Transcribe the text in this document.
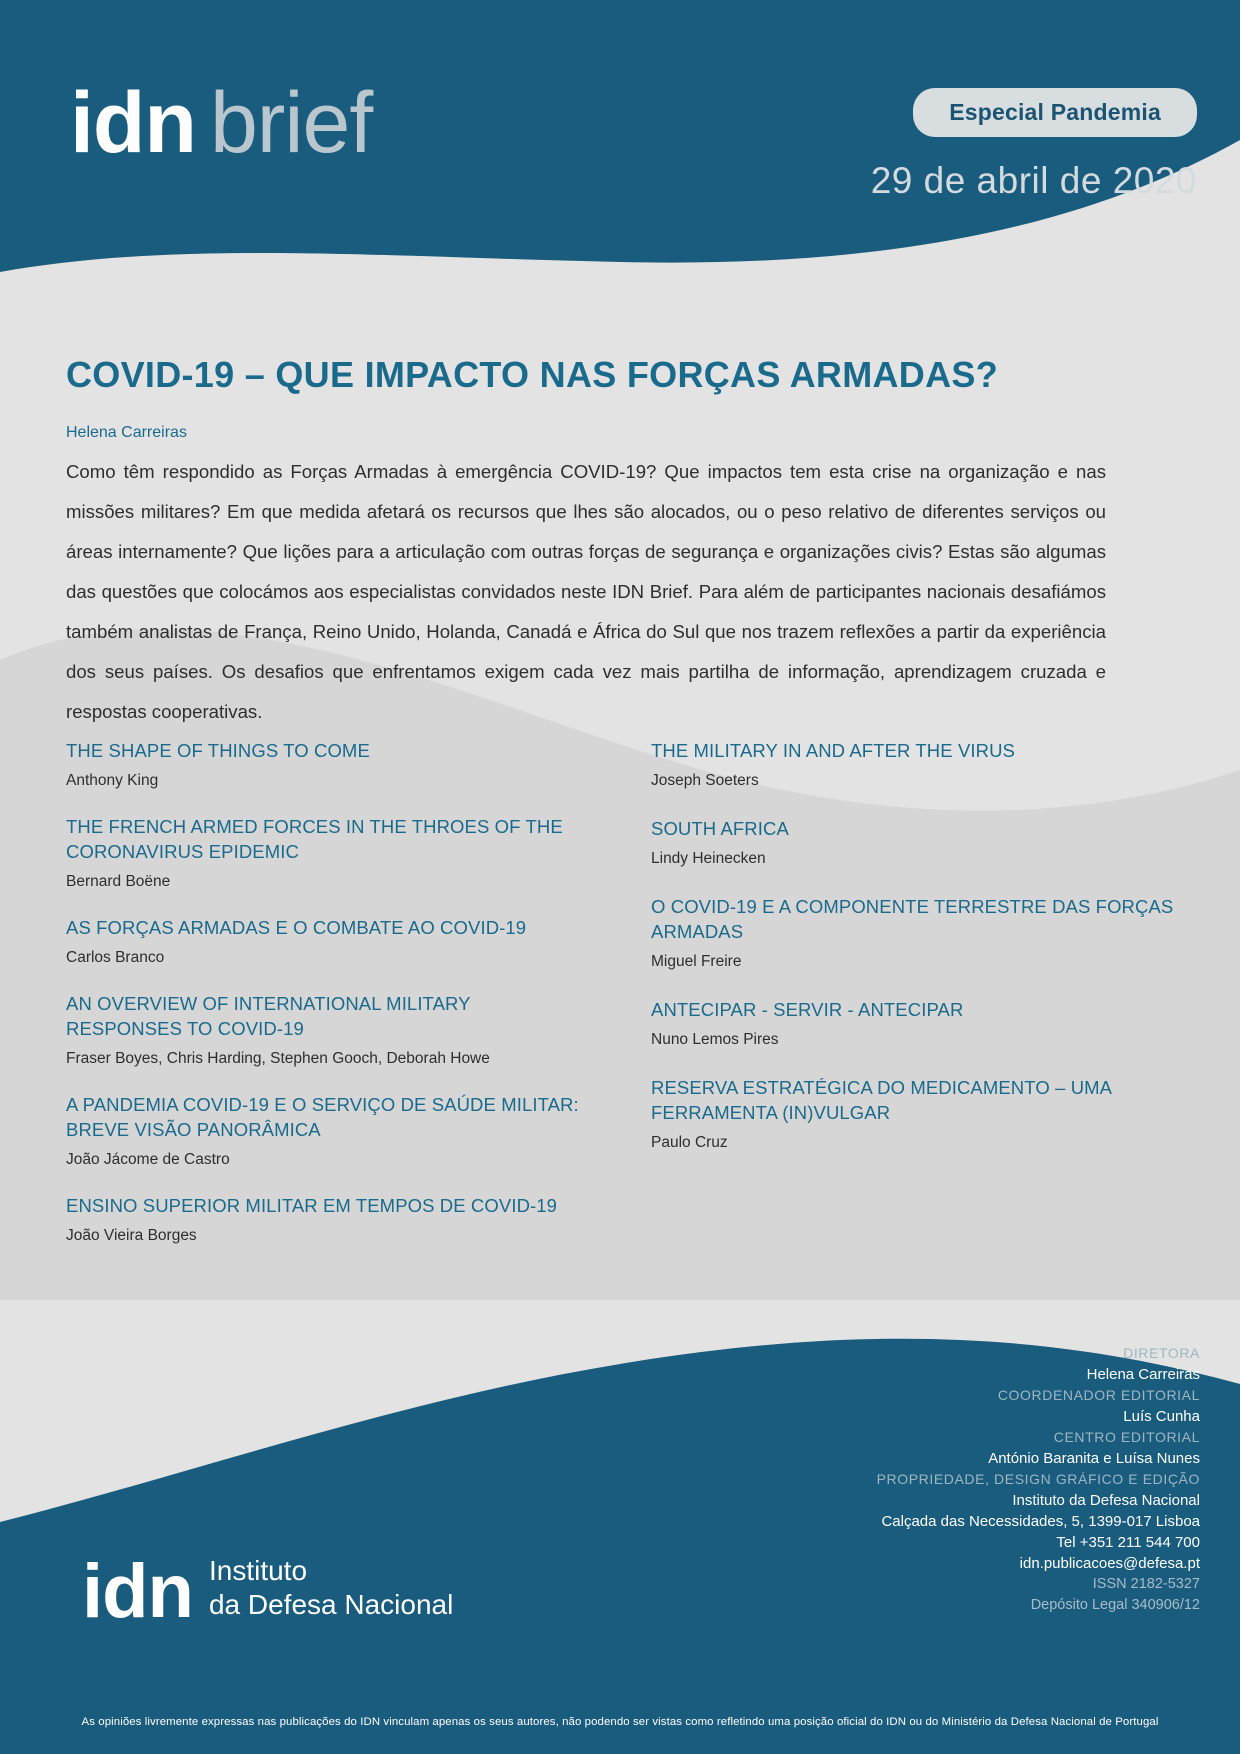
idn brief	Especial Pandemia
29 de abril de 2020
COVID-19 – QUE IMPACTO NAS FORÇAS ARMADAS?
Helena Carreiras
Como têm respondido as Forças Armadas à emergência COVID-19? Que impactos tem esta crise na organização e nas missões militares? Em que medida afetará os recursos que lhes são alocados, ou o peso relativo de diferentes serviços ou áreas internamente? Que lições para a articulação com outras forças de segurança e organizações civis? Estas são algumas das questões que colocámos aos especialistas convidados neste IDN Brief. Para além de participantes nacionais desafiámos também analistas de França, Reino Unido, Holanda, Canadá e África do Sul que nos trazem reflexões a partir da experiência dos seus países. Os desafios que enfrentamos exigem cada vez mais partilha de informação, aprendizagem cruzada e respostas cooperativas.
THE SHAPE OF THINGS TO COME
Anthony King
THE FRENCH ARMED FORCES IN THE THROES OF THE CORONAVIRUS EPIDEMIC
Bernard Boëne
AS FORÇAS ARMADAS E O COMBATE AO COVID-19
Carlos Branco
AN OVERVIEW OF INTERNATIONAL MILITARY RESPONSES TO COVID-19
Fraser Boyes, Chris Harding, Stephen Gooch, Deborah Howe
A PANDEMIA COVID-19 E O SERVIÇO DE SAÚDE MILITAR: BREVE VISÃO PANORÂMICA
João Jácome de Castro
ENSINO SUPERIOR MILITAR EM TEMPOS DE COVID-19
João Vieira Borges
THE MILITARY IN AND AFTER THE VIRUS
Joseph Soeters
SOUTH AFRICA
Lindy Heinecken
O COVID-19 E A COMPONENTE TERRESTRE DAS FORÇAS ARMADAS
Miguel Freire
ANTECIPAR - SERVIR - ANTECIPAR
Nuno Lemos Pires
RESERVA ESTRATÉGICA DO MEDICAMENTO – UMA FERRAMENTA (IN)VULGAR
Paulo Cruz
DIRETORA
Helena Carreiras
COORDENADOR EDITORIAL
Luís Cunha
CENTRO EDITORIAL
António Baranita e Luísa Nunes
PROPRIEDADE, DESIGN GRÁFICO E EDIÇÃO
Instituto da Defesa Nacional
Calçada das Necessidades, 5, 1399-017 Lisboa
Tel +351 211 544 700
idn.publicacoes@defesa.pt
ISSN 2182-5327
Depósito Legal 340906/12
idn Instituto
da Defesa Nacional
As opiniões livremente expressas nas publicações do IDN vinculam apenas os seus autores, não podendo ser vistas como refletindo uma posição oficial do IDN ou do Ministério da Defesa Nacional de Portugal
